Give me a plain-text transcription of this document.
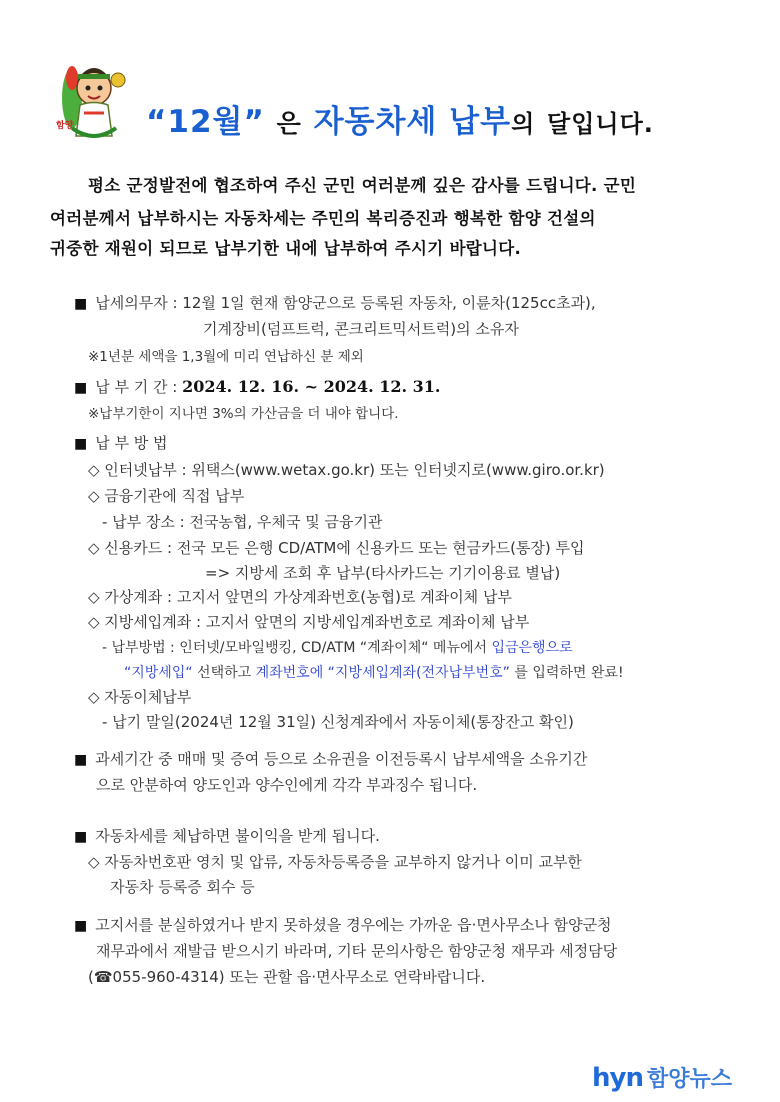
함양 “12월” 은 자동차세 납부의 달입니다.
평소 군정발전에 협조하여 주신 군민 여러분께 깊은 감사를 드립니다. 군민
여러분께서 납부하시는 자동차세는 주민의 복리증진과 행복한 함양 건설의
귀중한 재원이 되므로 납부기한 내에 납부하여 주시기 바랍니다.
■ 납세의무자 : 12월 1일 현재 함양군으로 등록된 자동차, 이륜차(125cc초과),
기계장비(덤프트럭, 콘크리트믹서트럭)의 소유자
※1년분 세액을 1,3월에 미리 연납하신 분 제외
■ 납 부 기 간 : 2024. 12. 16. ~ 2024. 12. 31.
※납부기한이 지나면 3%의 가산금을 더 내야 합니다.
■ 납 부 방 법
◇ 인터넷납부 : 위택스(www.wetax.go.kr) 또는 인터넷지로(www.giro.or.kr)
◇ 금융기관에 직접 납부
- 납부 장소 : 전국농협, 우체국 및 금융기관
◇ 신용카드 : 전국 모든 은행 CD/ATM에 신용카드 또는 현금카드(통장) 투입
=> 지방세 조회 후 납부(타사카드는 기기이용료 별납)
◇ 가상계좌 : 고지서 앞면의 가상계좌번호(농협)로 계좌이체 납부
◇ 지방세입계좌 : 고지서 앞면의 지방세입계좌번호로 계좌이체 납부
- 납부방법 : 인터넷/모바일뱅킹, CD/ATM “계좌이체“ 메뉴에서 입금은행으로
“지방세입“ 선택하고 계좌번호에 “지방세입계좌(전자납부번호” 를 입력하면 완료!
◇ 자동이체납부
- 납기 말일(2024년 12월 31일) 신청계좌에서 자동이체(통장잔고 확인)
■ 과세기간 중 매매 및 증여 등으로 소유권을 이전등록시 납부세액을 소유기간
으로 안분하여 양도인과 양수인에게 각각 부과징수 됩니다.
■ 자동차세를 체납하면 불이익을 받게 됩니다.
◇ 자동차번호판 영치 및 압류, 자동차등록증을 교부하지 않거나 이미 교부한
자동차 등록증 회수 등
■ 고지서를 분실하였거나 받지 못하셨을 경우에는 가까운 읍·면사무소나 함양군청
재무과에서 재발급 받으시기 바라며, 기타 문의사항은 함양군청 재무과 세정담당
(☎055-960-4314) 또는 관할 읍·면사무소로 연락바랍니다.
hyn 함양뉴스
